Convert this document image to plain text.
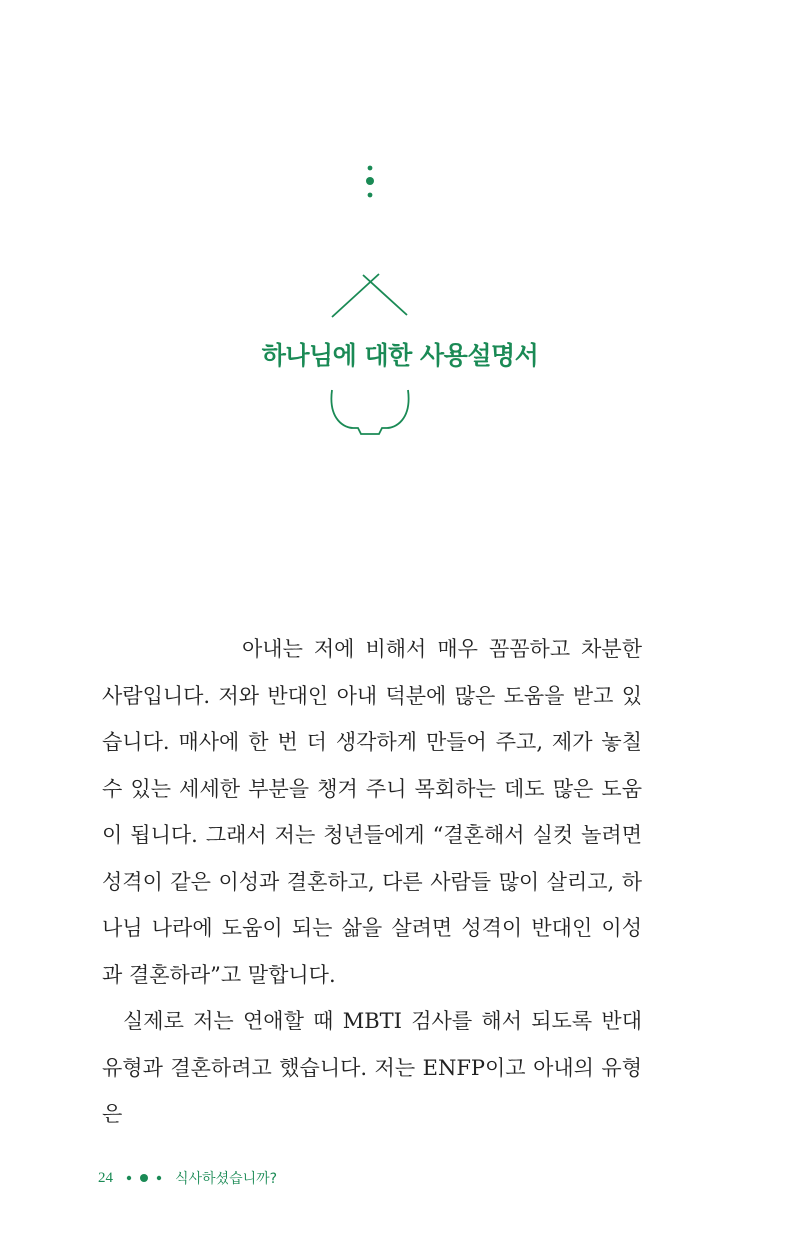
하나님에 대한 사용설명서

아내는 저에 비해서 매우 꼼꼼하고 차분한 사람입니다. 저와 반대인 아내 덕분에 많은 도움을 받고 있습니다. 매사에 한 번 더 생각하게 만들어 주고, 제가 놓칠 수 있는 세세한 부분을 챙겨 주니 목회하는 데도 많은 도움이 됩니다. 그래서 저는 청년들에게 “결혼해서 실컷 놀려면 성격이 같은 이성과 결혼하고, 다른 사람들 많이 살리고, 하나님 나라에 도움이 되는 삶을 살려면 성격이 반대인 이성과 결혼하라”고 말합니다.

실제로 저는 연애할 때 MBTI 검사를 해서 되도록 반대 유형과 결혼하려고 했습니다. 저는 ENFP이고 아내의 유형은

24	식사하셨습니까?
